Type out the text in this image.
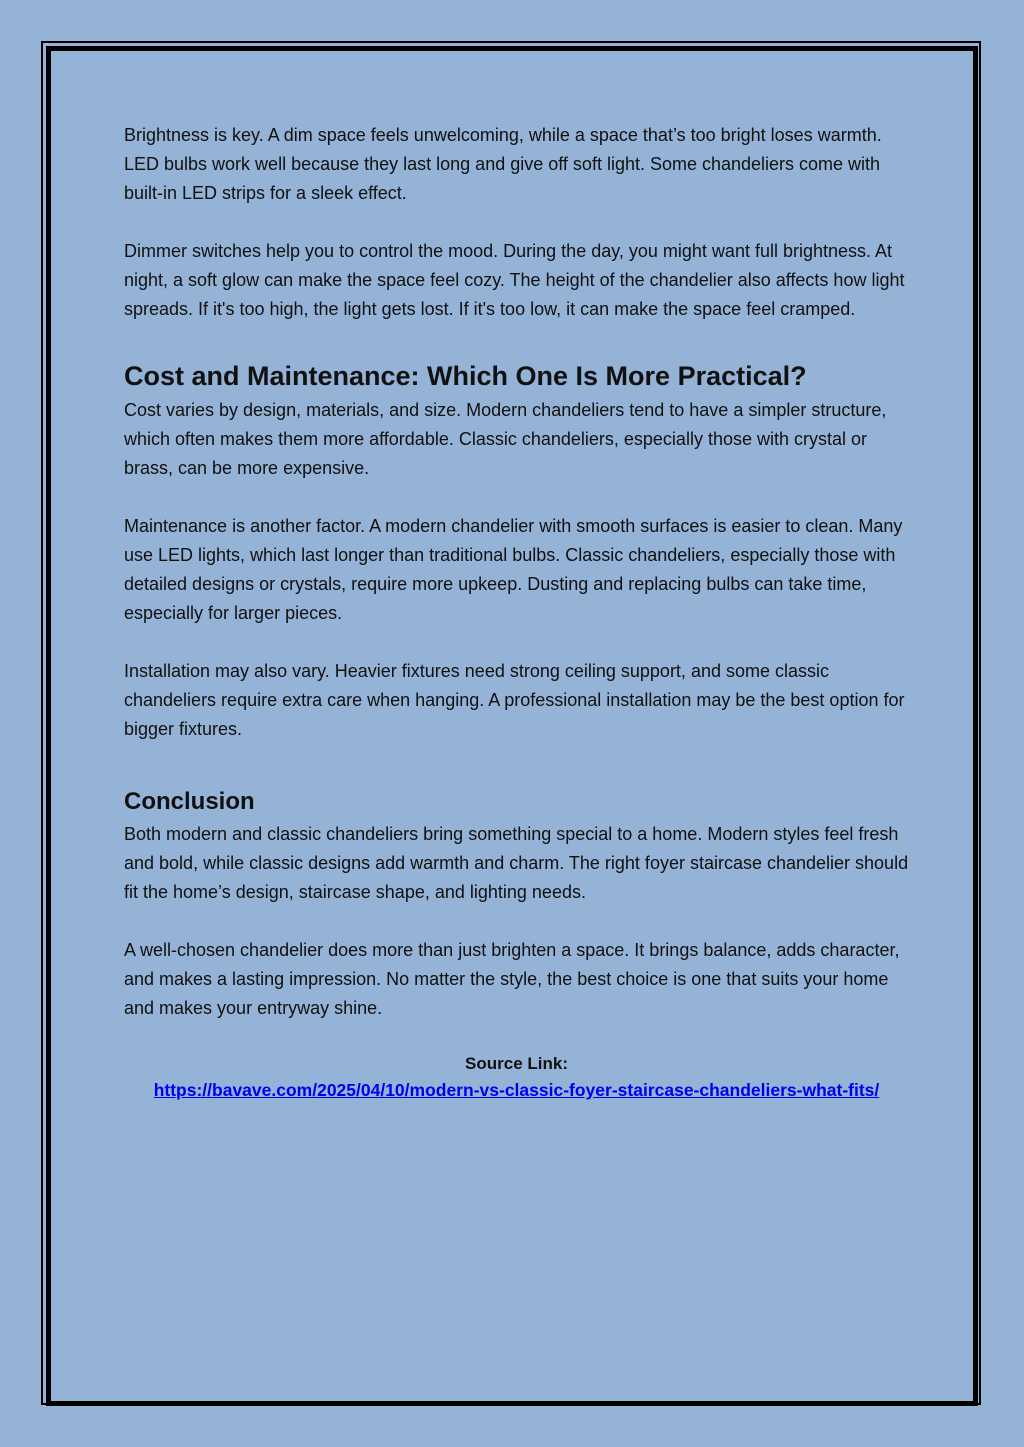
Brightness is key. A dim space feels unwelcoming, while a space that’s too bright loses warmth. LED bulbs work well because they last long and give off soft light. Some chandeliers come with built-in LED strips for a sleek effect.

Dimmer switches help you to control the mood. During the day, you might want full brightness. At night, a soft glow can make the space feel cozy. The height of the chandelier also affects how light spreads. If it's too high, the light gets lost. If it's too low, it can make the space feel cramped.

Cost and Maintenance: Which One Is More Practical?

Cost varies by design, materials, and size. Modern chandeliers tend to have a simpler structure, which often makes them more affordable. Classic chandeliers, especially those with crystal or brass, can be more expensive.

Maintenance is another factor. A modern chandelier with smooth surfaces is easier to clean. Many use LED lights, which last longer than traditional bulbs. Classic chandeliers, especially those with detailed designs or crystals, require more upkeep. Dusting and replacing bulbs can take time, especially for larger pieces.

Installation may also vary. Heavier fixtures need strong ceiling support, and some classic chandeliers require extra care when hanging. A professional installation may be the best option for bigger fixtures.

Conclusion

Both modern and classic chandeliers bring something special to a home. Modern styles feel fresh and bold, while classic designs add warmth and charm. The right foyer staircase chandelier should fit the home’s design, staircase shape, and lighting needs.

A well-chosen chandelier does more than just brighten a space. It brings balance, adds character, and makes a lasting impression. No matter the style, the best choice is one that suits your home and makes your entryway shine.

Source Link:
https://bavave.com/2025/04/10/modern-vs-classic-foyer-staircase-chandeliers-what-fits/
